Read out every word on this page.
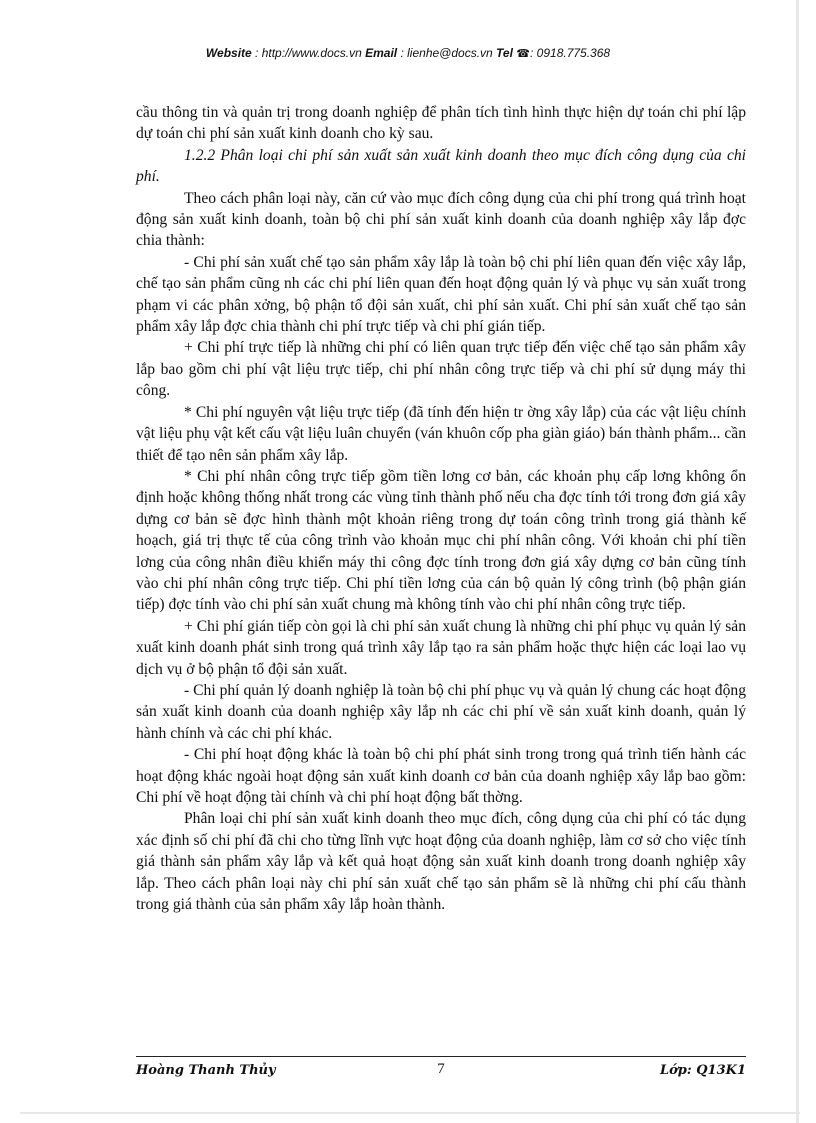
Website : http://www.docs.vn Email : lienhe@docs.vn Tel ☎: 0918.775.368

cầu thông tin và quản trị trong doanh nghiệp để phân tích tình hình thực hiện dự toán chi phí lập dự toán chi phí sản xuất kinh doanh cho kỳ sau.

1.2.2 Phân loại chi phí sản xuất sản xuất kinh doanh theo mục đích công dụng của chi phí.

Theo cách phân loại này, căn cứ vào mục đích công dụng của chi phí trong quá trình hoạt động sản xuất kinh doanh, toàn bộ chi phí sản xuất kinh doanh của doanh nghiệp xây lắp đợc chia thành:

- Chi phí sản xuất chế tạo sản phẩm xây lắp là toàn bộ chi phí liên quan đến việc xây lắp, chế tạo sản phẩm cũng nh các chi phí liên quan đến hoạt động quản lý và phục vụ sản xuất trong phạm vi các phân xởng, bộ phận tổ đội sản xuất, chi phí sản xuất. Chi phí sản xuất chế tạo sản phẩm xây lắp đợc chia thành chi phí trực tiếp và chi phí gián tiếp.

+ Chi phí trực tiếp là những chi phí có liên quan trực tiếp đến việc chế tạo sản phẩm xây lắp bao gồm chi phí vật liệu trực tiếp, chi phí nhân công trực tiếp và chi phí sử dụng máy thi công.

* Chi phí nguyên vật liệu trực tiếp (đã tính đến hiện tr ờng xây lắp) của các vật liệu chính vật liệu phụ vật kết cấu vật liệu luân chuyển (ván khuôn cốp pha giàn giáo) bán thành phẩm... cần thiết để tạo nên sản phẩm xây lắp.

* Chi phí nhân công trực tiếp gồm tiền lơng cơ bản, các khoản phụ cấp lơng không ổn định hoặc không thống nhất trong các vùng tỉnh thành phố nếu cha đợc tính tới trong đơn giá xây dựng cơ bản sẽ đợc hình thành một khoản riêng trong dự toán công trình trong giá thành kế hoạch, giá trị thực tế của công trình vào khoản mục chi phí nhân công. Với khoản chi phí tiền lơng của công nhân điều khiển máy thi công đợc tính trong đơn giá xây dựng cơ bản cũng tính vào chi phí nhân công trực tiếp. Chi phí tiền lơng của cán bộ quản lý công trình (bộ phận gián tiếp) đợc tính vào chi phí sản xuất chung mà không tính vào chi phí nhân công trực tiếp.

+ Chi phí gián tiếp còn gọi là chi phí sản xuất chung là những chi phí phục vụ quản lý sản xuất kinh doanh phát sinh trong quá trình xây lắp tạo ra sản phẩm hoặc thực hiện các loại lao vụ dịch vụ ở bộ phận tổ đội sản xuất.

- Chi phí quản lý doanh nghiệp là toàn bộ chi phí phục vụ và quản lý chung các hoạt động sản xuất kinh doanh của doanh nghiệp xây lắp nh các chi phí về sản xuất kinh doanh, quản lý hành chính và các chi phí khác.

- Chi phí hoạt động khác là toàn bộ chi phí phát sinh trong trong quá trình tiến hành các hoạt động khác ngoài hoạt động sản xuất kinh doanh cơ bản của doanh nghiệp xây lắp bao gồm: Chi phí về hoạt động tài chính và chi phí hoạt động bất thờng.

Phân loại chi phí sản xuất kinh doanh theo mục đích, công dụng của chi phí có tác dụng xác định số chi phí đã chi cho từng lĩnh vực hoạt động của doanh nghiệp, làm cơ sở cho việc tính giá thành sản phẩm xây lắp và kết quả hoạt động sản xuất kinh doanh trong doanh nghiệp xây lắp. Theo cách phân loại này chi phí sản xuất chế tạo sản phẩm sẽ là những chi phí cấu thành trong giá thành của sản phẩm xây lắp hoàn thành.

Hoàng Thanh Thủy	7	Lớp: Q13K1
